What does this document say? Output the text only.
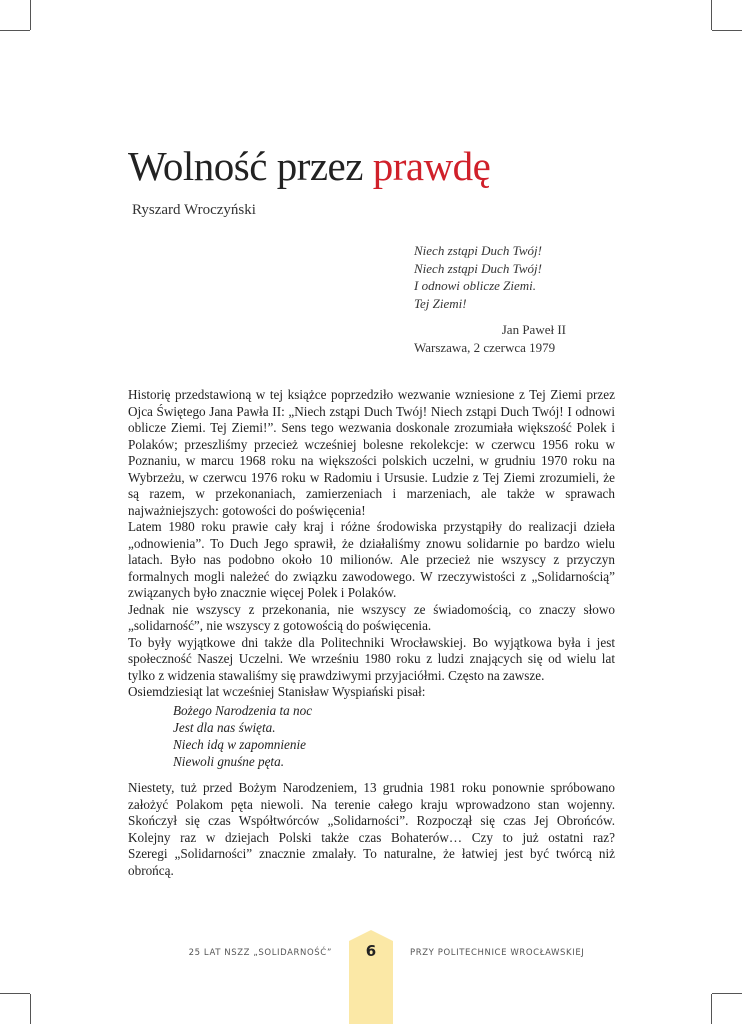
Wolność przez prawdę
Ryszard Wroczyński
Niech zstąpi Duch Twój!
Niech zstąpi Duch Twój!
I odnowi oblicze Ziemi.
Tej Ziemi!
Jan Paweł II
Warszawa, 2 czerwca 1979

Historię przedstawioną w tej książce poprzedziło wezwanie wzniesione z Tej Ziemi przez Ojca Świętego Jana Pawła II: „Niech zstąpi Duch Twój! Niech zstąpi Duch Twój! I odnowi oblicze Ziemi. Tej Ziemi!”. Sens tego wezwania doskonale zrozumiała większość Polek i Polaków; przeszliśmy przecież wcześniej bolesne rekolekcje: w czerwcu 1956 roku w Poznaniu, w marcu 1968 roku na większości polskich uczelni, w grudniu 1970 roku na Wybrzeżu, w czerwcu 1976 roku w Radomiu i Ursusie. Ludzie z Tej Ziemi zrozumieli, że są razem, w przekonaniach, zamierzeniach i marzeniach, ale także w sprawach najważniejszych: gotowości do poświęcenia!

Latem 1980 roku prawie cały kraj i różne środowiska przystąpiły do realizacji dzieła „odnowienia”. To Duch Jego sprawił, że działaliśmy znowu solidarnie po bardzo wielu latach. Było nas podobno około 10 milionów. Ale przecież nie wszyscy z przyczyn formalnych mogli należeć do związku zawodowego. W rzeczywistości z „Solidarnością” związanych było znacznie więcej Polek i Polaków.

Jednak nie wszyscy z przekonania, nie wszyscy ze świadomością, co znaczy słowo „solidarność”, nie wszyscy z gotowością do poświęcenia.

To były wyjątkowe dni także dla Politechniki Wrocławskiej. Bo wyjątkowa była i jest społeczność Naszej Uczelni. We wrześniu 1980 roku z ludzi znających się od wielu lat tylko z widzenia stawaliśmy się prawdziwymi przyjaciółmi. Często na zawsze.

Osiemdziesiąt lat wcześniej Stanisław Wyspiański pisał:

Bożego Narodzenia ta noc
Jest dla nas święta.
Niech idą w zapomnienie
Niewoli gnuśne pęta.

Niestety, tuż przed Bożym Narodzeniem, 13 grudnia 1981 roku ponownie spróbowano założyć Polakom pęta niewoli. Na terenie całego kraju wprowadzono stan wojenny. Skończył się czas Współtwórców „Solidarności”. Rozpoczął się czas Jej Obrońców. Kolejny raz w dziejach Polski także czas Bohaterów… Czy to już ostatni raz?

Szeregi „Solidarności” znacznie zmalały. To naturalne, że łatwiej jest być twórcą niż obrońcą.

25 LAT NSZZ „SOLIDARNOŚĆ”	6	PRZY POLITECHNICE WROCŁAWSKIEJ
